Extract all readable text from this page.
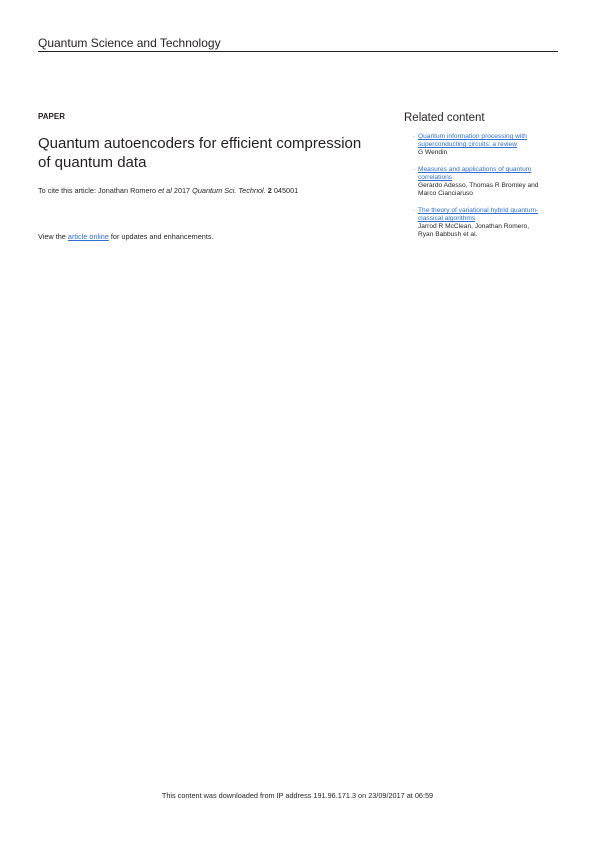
Quantum Science and Technology
PAPER
Quantum autoencoders for efficient compression
of quantum data
To cite this article: Jonathan Romero et al 2017 Quantum Sci. Technol. 2 045001
View the article online for updates and enhancements.
Related content
· Quantum information processing with
superconducting circuits: a review
G Wendin
· Measures and applications of quantum
correlations
Gerardo Adesso, Thomas R Bromley and
Marco Cianciaruso
· The theory of variational hybrid quantum-
classical algorithms
Jarrod R McClean, Jonathan Romero,
Ryan Babbush et al.
This content was downloaded from IP address 191.96.171.3 on 23/09/2017 at 06:59
